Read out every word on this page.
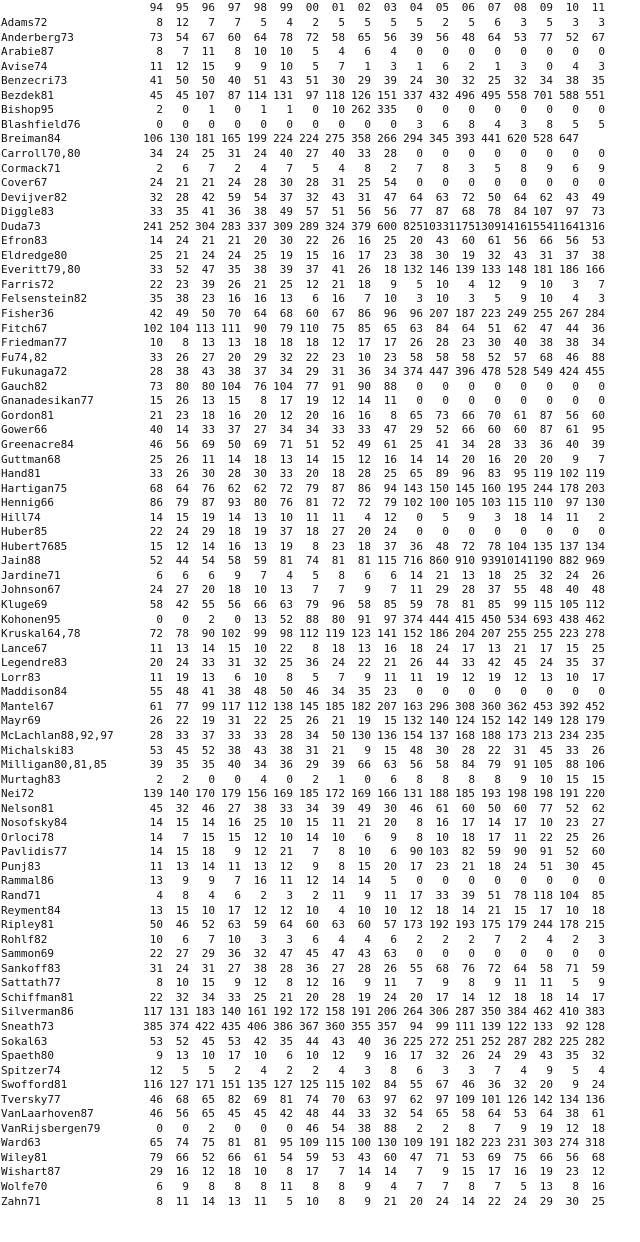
94	95	96	97	98	99	00	01	02	03	04	05	06	07	08	09	10	11
Adams72	8	12	7	7	5	4	2	5	5	5	5	2	5	6	3	5	3	3
Anderberg73	73	54	67	60	64	78	72	58	65	56	39	56	48	64	53	77	52	67
Arabie87	8	7	11	8	10	10	5	4	6	4	0	0	0	0	0	0	0	0
Avise74	11	12	15	9	9	10	5	7	1	3	1	6	2	1	3	0	4	3
Benzecri73	41	50	50	40	51	43	51	30	29	39	24	30	32	25	32	34	38	35
Bezdek81	45	45 107	87 114 131	97 118 126 151 337 432 496 495 558 701 588 551
Bishop95	2	0	1	0	1	1	0	10 262 335	0	0	0	0	0	0	0	0
Blashfield76	0	0	0	0	0	0	0	0	0	0	3	6	8	4	3	8	5	5
Breiman84	106 130 181 165 199 224 224 275 358 266 294 345 393 441 620 528 647
Carroll70,80	34	24	25	31	24	40	27	40	33	28	0	0	0	0	0	0	0	0
Cormack71	2	6	7	2	4	7	5	4	8	2	7	8	3	5	8	9	6	9
Cover67	24	21	21	24	28	30	28	31	25	54	0	0	0	0	0	0	0	0
Devijver82	32	28	42	59	54	37	32	43	31	47	64	63	72	50	64	62	43	49
Diggle83	33	35	41	36	38	49	57	51	56	56	77	87	68	78	84 107	97	73
Duda73	241 252 304 283 337 309 289 324 379 600 825 1033 1175 1309 1416 1554 1164 1316
Efron83	14	24	21	21	20	30	22	26	16	25	20	43	60	61	56	66	56	53
Eldredge80	25	21	24	24	25	19	15	16	17	23	38	30	19	32	43	31	37	38
Everitt79,80	33	52	47	35	38	39	37	41	26	18 132 146 139 133 148 181 186 166
Farris72	22	23	39	26	21	25	12	21	18	9	5	10	4	12	9	10	3	7
Felsenstein82	35	38	23	16	16	13	6	16	7	10	3	10	3	5	9	10	4	3
Fisher36	42	49	50	70	64	68	60	67	86	96	96 207 187 223 249 255 267 284
Fitch67	102 104 113 111	90	79 110	75	85	65	63	84	64	51	62	47	44	36
Friedman77	10	8	13	13	18	18	18	12	17	17	26	28	23	30	40	38	38	34
Fu74,82	33	26	27	20	29	32	22	23	10	23	58	58	58	52	57	68	46	88
Fukunaga72	28	38	43	38	37	34	29	31	36	34 374 447 396 478 528 549 424 455
Gauch82	73	80	80 104	76 104	77	91	90	88	0	0	0	0	0	0	0	0
Gnanadesikan77	15	26	13	15	8	17	19	12	14	11	0	0	0	0	0	0	0	0
Gordon81	21	23	18	16	20	12	20	16	16	8	65	73	66	70	61	87	56	60
Gower66	40	14	33	37	27	34	34	33	33	47	29	52	66	60	60	87	61	95
Greenacre84	46	56	69	50	69	71	51	52	49	61	25	41	34	28	33	36	40	39
Guttman68	25	26	11	14	18	13	14	15	12	16	14	14	20	16	20	20	9	7
Hand81	33	26	30	28	30	33	20	18	28	25	65	89	96	83	95 119 102 119
Hartigan75	68	64	76	62	62	72	79	87	86	94 143 150 145 160 195 244 178 203
Hennig66	86	79	87	93	80	76	81	72	72	79 102 100 105 103 115 110	97 130
Hill74	14	15	19	14	13	10	11	11	4	12	0	5	9	3	18	14	11	2
Huber85	22	24	29	18	19	37	18	27	20	24	0	0	0	0	0	0	0	0
Hubert7685	15	12	14	16	13	19	8	23	18	37	36	48	72	78 104 135 137 134
Jain88	52	44	54	58	59	81	74	81	81 115 716 860 910 939 1014 1190 882 969
Jardine71	6	6	6	9	7	4	5	8	6	6	14	21	13	18	25	32	24	26
Johnson67	24	27	20	18	10	13	7	7	9	7	11	29	28	37	55	48	40	48
Kluge69	58	42	55	56	66	63	79	96	58	85	59	78	81	85	99 115 105 112
Kohonen95	0	0	2	0	13	52	88	80	91	97 374 444 415 450 534 693 438 462
Kruskal64,78	72	78	90 102	99	98 112 119 123 141 152 186 204 207 255 255 223 278
Lance67	11	13	14	15	10	22	8	18	13	16	18	24	17	13	21	17	15	25
Legendre83	20	24	33	31	32	25	36	24	22	21	26	44	33	42	45	24	35	37
Lorr83	11	19	13	6	10	8	5	7	9	11	11	19	12	19	12	13	10	17
Maddison84	55	48	41	38	48	50	46	34	35	23	0	0	0	0	0	0	0	0
Mantel67	61	77	99 117 112 138 145 185 182 207 163 296 308 360 362 453 392 452
Mayr69	26	22	19	31	22	25	26	21	19	15 132 140 124 152 142 149 128 179
McLachlan88,92,97	28	33	37	33	33	28	34	50 130 136 154 137 168 188 173 213 234 235
Michalski83	53	45	52	38	43	38	31	21	9	15	48	30	28	22	31	45	33	26
Milligan80,81,85	39	35	35	40	34	36	29	39	66	63	56	58	84	79	91 105	88 106
Murtagh83	2	2	0	0	4	0	2	1	0	6	8	8	8	8	9	10	15	15
Nei72	139 140 170 179 156 169 185 172 169 166 131 188 185 193 198 198 191 220
Nelson81	45	32	46	27	38	33	34	39	49	30	46	61	60	50	60	77	52	62
Nosofsky84	14	15	14	16	25	10	15	11	21	20	8	16	17	14	17	10	23	27
Orloci78	14	7	15	15	12	10	14	10	6	9	8	10	18	17	11	22	25	26
Pavlidis77	14	15	18	9	12	21	7	8	10	6	90 103	82	59	90	91	52	60
Punj83	11	13	14	11	13	12	9	8	15	20	17	23	21	18	24	51	30	45
Rammal86	13	9	9	7	16	11	12	14	14	5	0	0	0	0	0	0	0	0
Rand71	4	8	4	6	2	3	2	11	9	11	17	33	39	51	78 118 104	85
Reyment84	13	15	10	17	12	12	10	4	10	10	12	18	14	21	15	17	10	18
Ripley81	50	46	52	63	59	64	60	63	60	57 173 192 193 175 179 244 178 215
Rohlf82	10	6	7	10	3	3	6	4	4	6	2	2	2	7	2	4	2	3
Sammon69	22	27	29	36	32	47	45	47	43	63	0	0	0	0	0	0	0	0
Sankoff83	31	24	31	27	38	28	36	27	28	26	55	68	76	72	64	58	71	59
Sattath77	8	10	15	9	12	8	12	16	9	11	7	9	8	9	11	11	5	9
Schiffman81	22	32	34	33	25	21	20	28	19	24	20	17	14	12	18	18	14	17
Silverman86	117 131 183 140 161 192 172 158 191 206 264 306 287 350 384 462 410 383
Sneath73	385 374 422 435 406 386 367 360 355 357	94	99 111 139 122 133	92 128
Sokal63	53	52	45	53	42	35	44	43	40	36 225 272 251 252 287 282 225 282
Spaeth80	9	13	10	17	10	6	10	12	9	16	17	32	26	24	29	43	35	32
Spitzer74	12	5	5	2	4	2	2	4	3	8	6	3	3	7	4	9	5	4
Swofford81	116 127 171 151 135 127 125 115 102	84	55	67	46	36	32	20	9	24
Tversky77	46	68	65	82	69	81	74	70	63	97	62	97 109 101 126 142 134 136
VanLaarhoven87	46	56	65	45	45	42	48	44	33	32	54	65	58	64	53	64	38	61
VanRijsbergen79	0	0	2	0	0	0	46	54	38	88	2	2	8	7	9	19	12	18
Ward63	65	74	75	81	81	95 109 115 100 130 109 191 182 223 231 303 274 318
Wiley81	79	66	52	66	61	54	59	53	43	60	47	71	53	69	75	66	56	68
Wishart87	29	16	12	18	10	8	17	7	14	14	7	9	15	17	16	19	23	12
Wolfe70	6	9	8	8	8	11	8	8	9	4	7	7	8	7	5	13	8	16
Zahn71	8	11	14	13	11	5	10	8	9	21	20	24	14	22	24	29	30	25
